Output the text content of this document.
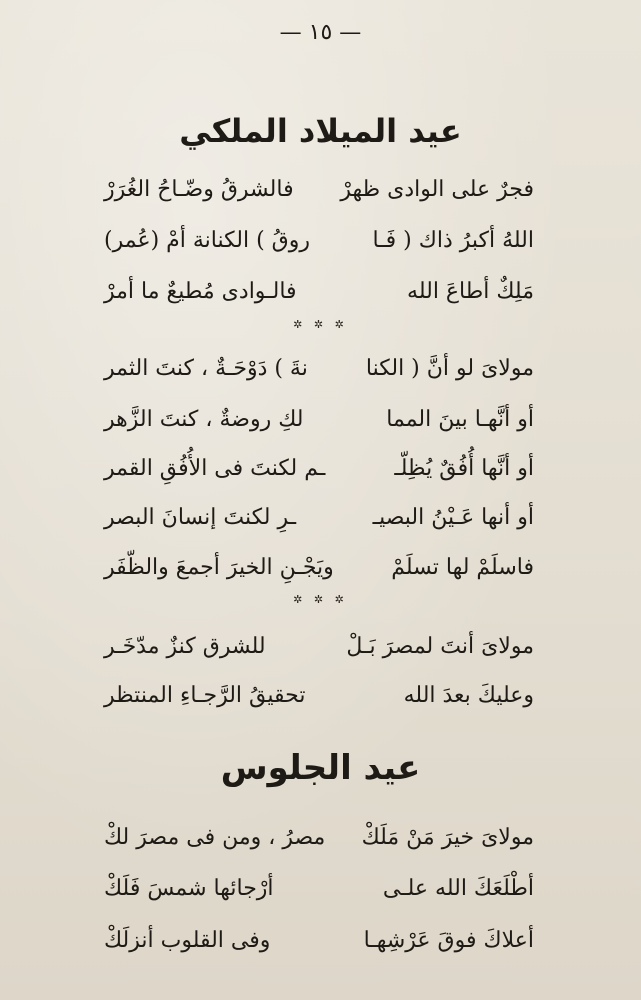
— ١٥ —
عيد الميلاد الملكي
فجرٌ على الوادى ظهرْ
فالشرقُ وضّـاحُ الغُرَرْ
اللهُ أكبرُ ذاك ( فَـا
روقُ ) الكنانة أمْ (عُمر)
مَلِكٌ أطاعَ الله
فالـوادى مُطيعٌ ما أمرْ
✲ ✲ ✲
مولاىَ لو أنَّ ( الكنا
نةَ ) دَوْحَـةٌ ، كنتَ الثمر
أو أنَّهـا بينَ المما
لكِ روضةٌ ، كنتَ الزَّهر
أو أنَّها أُفُقٌ يُظِلّـ
ـم لكنتَ فى الأُفُقِ القمر
أو أنها عَـيْنُ البصيـ
ـرِ لكنتَ إنسانَ البصر
فاسلَمْ لها تسلَمْ
ويَجْـنِ الخيرَ أجمعَ والظّفَر
✲ ✲ ✲
مولاىَ أنتَ لمصرَ بَـلْ
للشرق كنزٌ مدّخَـر
وعليكَ بعدَ الله
تحقيقُ الرَّجـاءِ المنتظر
عيد الجلوس
مولاىَ خيرَ مَنْ مَلَكْ
مصرُ ، ومن فى مصرَ لكْ
أطْلَعَكَ الله علـى
أرْجائها شمسَ فَلَكْ
أعلاكَ فوقَ عَرْشِهـا
وفى القلوب أنزلَكْ
